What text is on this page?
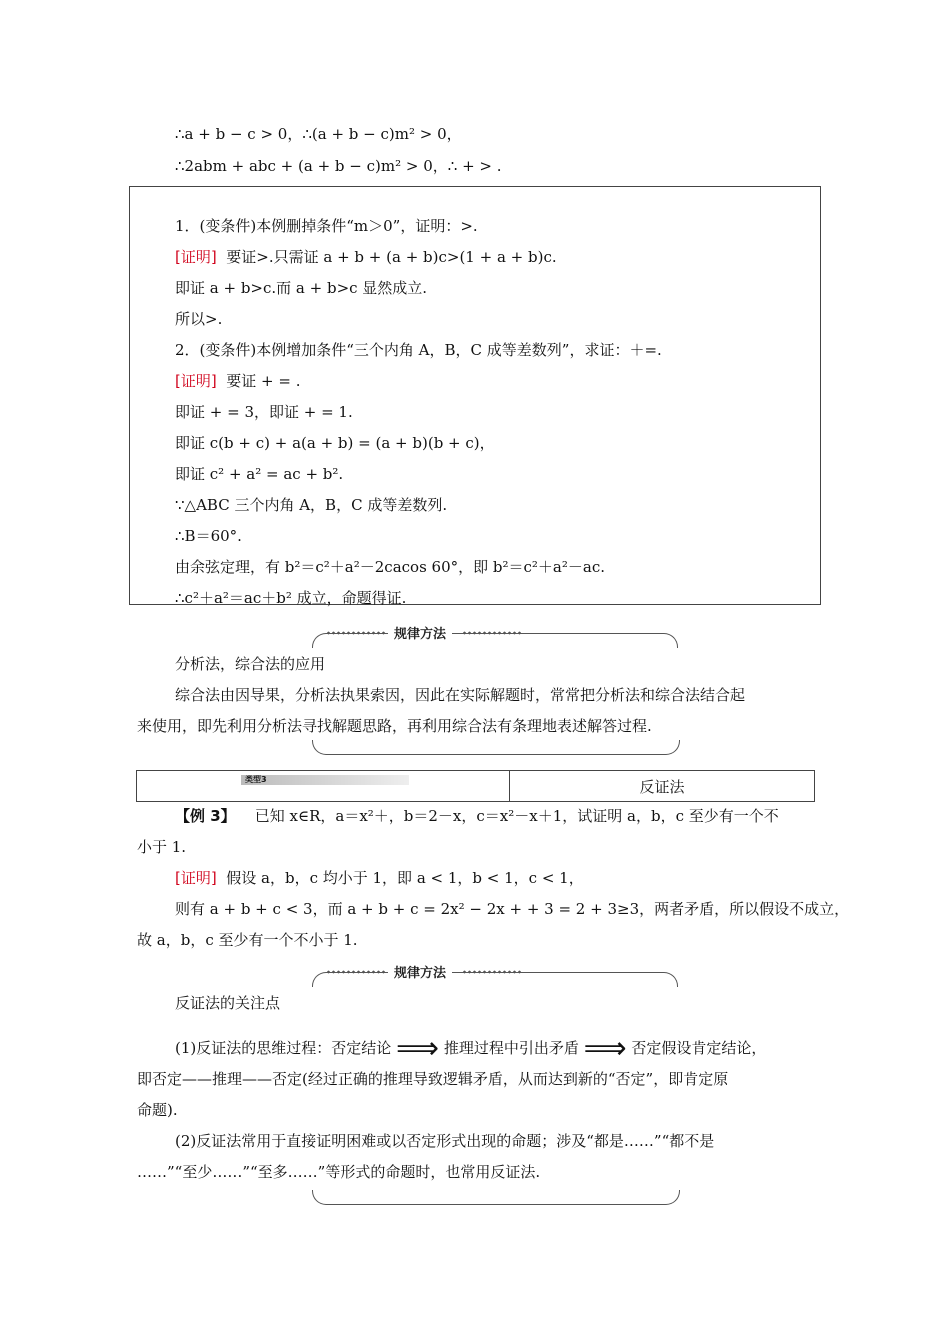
∴a + b − c > 0，∴(a + b − c)m² > 0，
∴2abm + abc + (a + b − c)m² > 0，∴ + > .
1．(变条件)本例删掉条件“m＞0”，证明：>.
[证明] 要证>.只需证 a + b + (a + b)c>(1 + a + b)c.
即证 a + b>c.而 a + b>c 显然成立.
所以>.
2．(变条件)本例增加条件“三个内角 A，B，C 成等差数列”，求证：＋=.
[证明] 要证 + = .
即证 + = 3，即证 + = 1.
即证 c(b + c) + a(a + b) = (a + b)(b + c)，
即证 c² + a² = ac + b².
∵△ABC 三个内角 A，B，C 成等差数列.
∴B＝60°.
由余弦定理，有 b²＝c²＋a²－2cacos 60°，即 b²＝c²＋a²－ac.
∴c²＋a²＝ac＋b² 成立，命题得证.
规律方法
分析法，综合法的应用
综合法由因导果，分析法执果索因，因此在实际解题时，常常把分析法和综合法结合起
来使用，即先利用分析法寻找解题思路，再利用综合法有条理地表述解答过程.
类型3	反证法
【例 3】 已知 x∈R，a＝x²＋，b＝2－x，c＝x²－x＋1，试证明 a，b，c 至少有一个不
小于 1.
[证明] 假设 a，b，c 均小于 1，即 a < 1，b < 1，c < 1，
则有 a + b + c < 3，而 a + b + c = 2x² − 2x + + 3 = 2 + 3≥3，两者矛盾，所以假设不成立，
故 a，b，c 至少有一个不小于 1.
规律方法
反证法的关注点
(1)反证法的思维过程：否定结论 ⟹ 推理过程中引出矛盾 ⟹ 否定假设肯定结论，
即否定——推理——否定(经过正确的推理导致逻辑矛盾，从而达到新的“否定”，即肯定原
命题).
(2)反证法常用于直接证明困难或以否定形式出现的命题；涉及“都是……”“都不是
……”“至少……”“至多……”等形式的命题时，也常用反证法.
